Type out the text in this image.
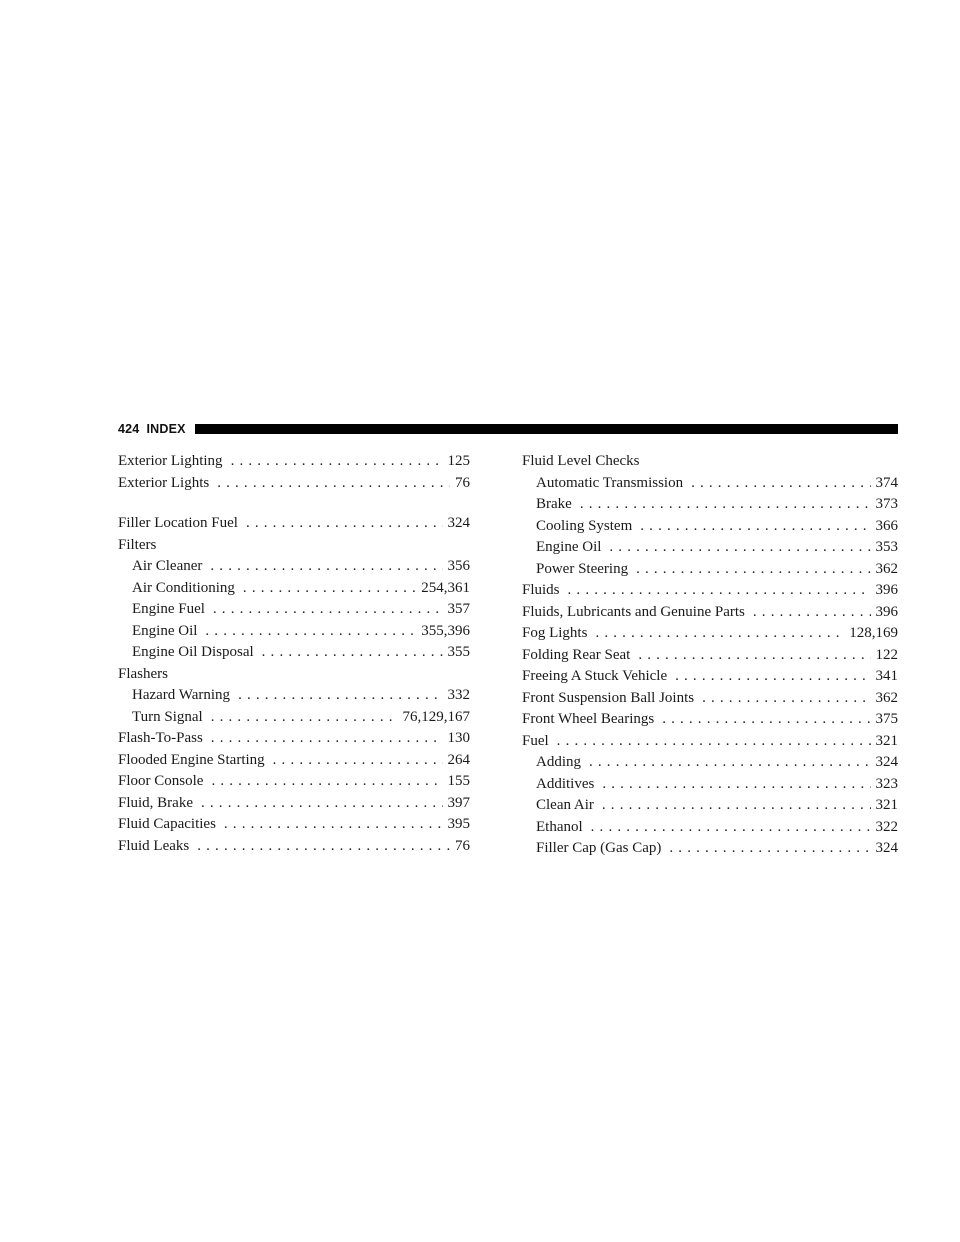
424 INDEX
Exterior Lighting . . .	125
Exterior Lights . . .	76
Filler Location Fuel . . .	324
Filters
Air Cleaner . . .	356
Air Conditioning . . .	254,361
Engine Fuel . . .	357
Engine Oil . . .	355,396
Engine Oil Disposal . . .	355
Flashers
Hazard Warning . . .	332
Turn Signal . . .	76,129,167
Flash-To-Pass . . .	130
Flooded Engine Starting . . .	264
Floor Console . . .	155
Fluid, Brake . . .	397
Fluid Capacities . . .	395
Fluid Leaks . . .	76
Fluid Level Checks
Automatic Transmission . . .	374
Brake . . .	373
Cooling System . . .	366
Engine Oil . . .	353
Power Steering . . .	362
Fluids . . .	396
Fluids, Lubricants and Genuine Parts . . .	396
Fog Lights . . .	128,169
Folding Rear Seat . . .	122
Freeing A Stuck Vehicle . . .	341
Front Suspension Ball Joints . . .	362
Front Wheel Bearings . . .	375
Fuel . . .	321
Adding . . .	324
Additives . . .	323
Clean Air . . .	321
Ethanol . . .	322
Filler Cap (Gas Cap) . . .	324
